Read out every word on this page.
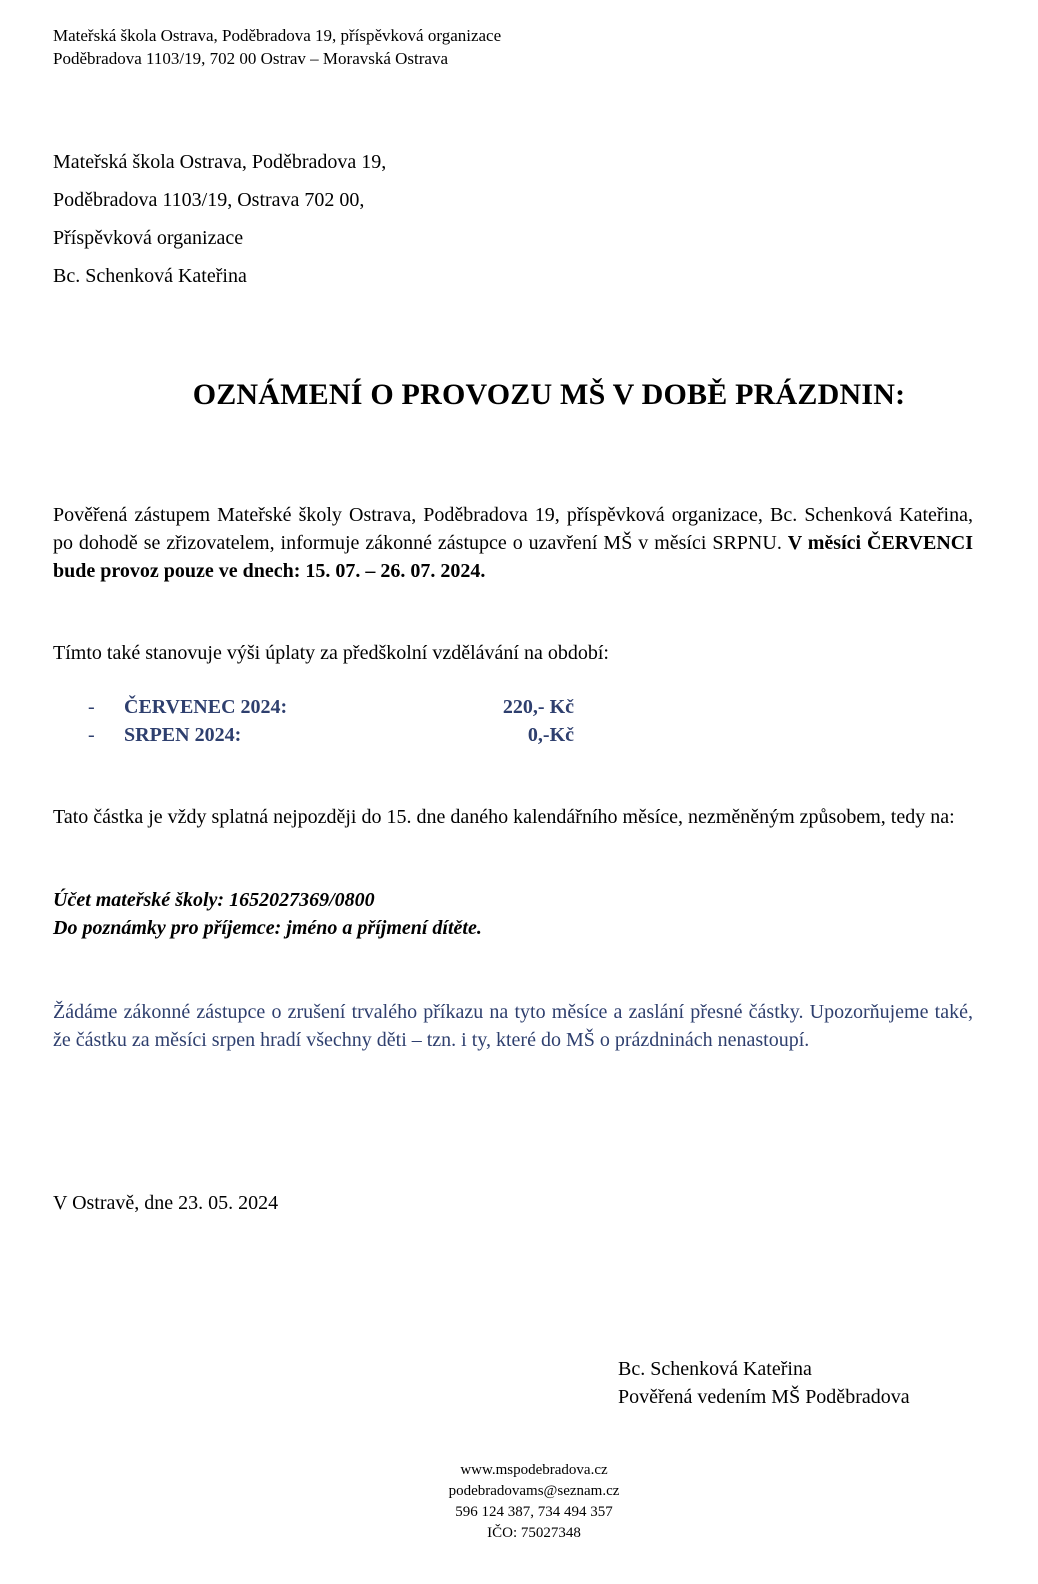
Mateřská škola Ostrava, Poděbradova 19, příspěvková organizace
Poděbradova 1103/19, 702 00 Ostrav – Moravská Ostrava
Mateřská škola Ostrava, Poděbradova 19,
Poděbradova 1103/19, Ostrava 702 00,
Příspěvková organizace
Bc. Schenková Kateřina
OZNÁMENÍ O PROVOZU MŠ V DOBĚ PRÁZDNIN:
Pověřená zástupem Mateřské školy Ostrava, Poděbradova 19, příspěvková organizace, Bc. Schenková Kateřina, po dohodě se zřizovatelem, informuje zákonné zástupce o uzavření MŠ v měsíci SRPNU. V měsíci ČERVENCI bude provoz pouze ve dnech: 15. 07. – 26. 07. 2024.
Tímto také stanovuje výši úplaty za předškolní vzdělávání na období:
-	ČERVENEC 2024:	220,- Kč
-	SRPEN 2024:	0,-Kč
Tato částka je vždy splatná nejpozději do 15. dne daného kalendářního měsíce, nezměněným způsobem, tedy na:
Účet mateřské školy: 1652027369/0800
Do poznámky pro příjemce: jméno a příjmení dítěte.
Žádáme zákonné zástupce o zrušení trvalého příkazu na tyto měsíce a zaslání přesné částky. Upozorňujeme také, že částku za měsíci srpen hradí všechny děti – tzn. i ty, které do MŠ o prázdninách nenastoupí.
V Ostravě, dne 23. 05. 2024
Bc. Schenková Kateřina
Pověřená vedením MŠ Poděbradova
www.mspodebradova.cz
podebradovams@seznam.cz
596 124 387, 734 494 357
IČO: 75027348
